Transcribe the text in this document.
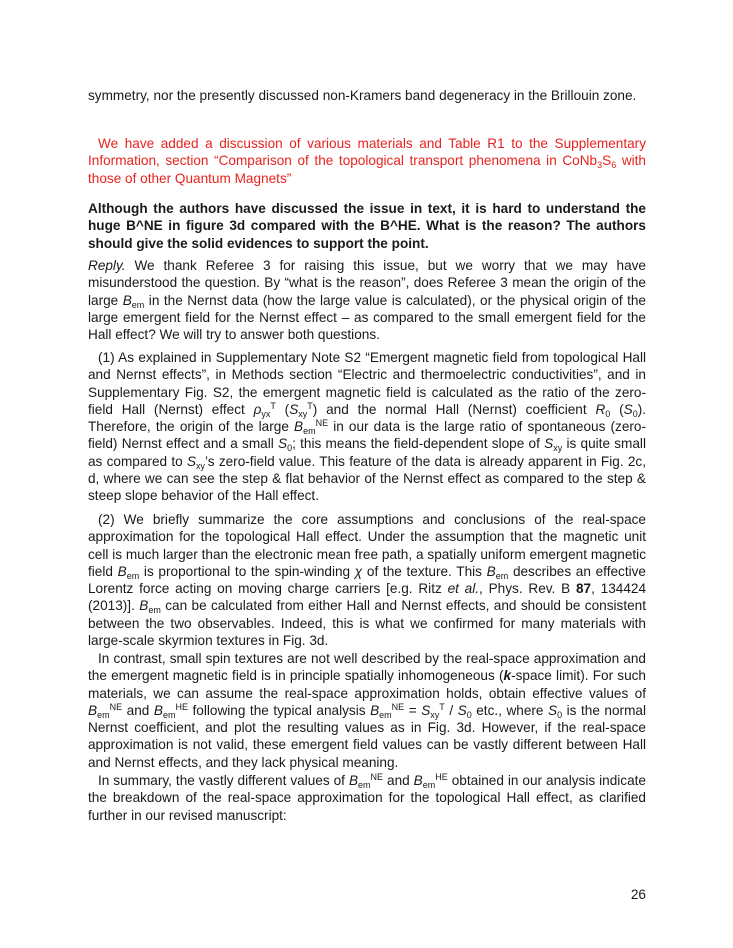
symmetry, nor the presently discussed non-Kramers band degeneracy in the Brillouin zone.

We have added a discussion of various materials and Table R1 to the Supplementary Information, section “Comparison of the topological transport phenomena in $CoNb_3S_6$ with those of other Quantum Magnets”

Although the authors have discussed the issue in text, it is hard to understand the huge B^NE in figure 3d compared with the B^HE. What is the reason? The authors should give the solid evidences to support the point.

Reply. We thank Referee 3 for raising this issue, but we worry that we may have misunderstood the question. By “what is the reason”, does Referee 3 mean the origin of the large $B_{em}$ in the Nernst data (how the large value is calculated), or the physical origin of the large emergent field for the Nernst effect – as compared to the small emergent field for the Hall effect? We will try to answer both questions.

(1) As explained in Supplementary Note S2 “Emergent magnetic field from topological Hall and Nernst effects”, in Methods section “Electric and thermoelectric conductivities”, and in Supplementary Fig. S2, the emergent magnetic field is calculated as the ratio of the zero-field Hall (Nernst) effect $\rho_{yx}^T$ $(S_{xy}^T)$ and the normal Hall (Nernst) coefficient $R_0$ $(S_0)$. Therefore, the origin of the large $B_{em}^{NE}$ in our data is the large ratio of spontaneous (zero-field) Nernst effect and a small $S_0$; this means the field-dependent slope of $S_{xy}$ is quite small as compared to $S_{xy}’s$ zero-field value. This feature of the data is already apparent in Fig. 2c, d, where we can see the step & flat behavior of the Nernst effect as compared to the step & steep slope behavior of the Hall effect.

(2) We briefly summarize the core assumptions and conclusions of the real-space approximation for the topological Hall effect. Under the assumption that the magnetic unit cell is much larger than the electronic mean free path, a spatially uniform emergent magnetic field $B_{em}$ is proportional to the spin-winding χ of the texture. This $B_{em}$ describes an effective Lorentz force acting on moving charge carriers [e.g. Ritz et al., Phys. Rev. B 87, 134424 (2013)]. $B_{em}$ can be calculated from either Hall and Nernst effects, and should be consistent between the two observables. Indeed, this is what we confirmed for many materials with large-scale skyrmion textures in Fig. 3d.

In contrast, small spin textures are not well described by the real-space approximation and the emergent magnetic field is in principle spatially inhomogeneous (k-space limit). For such materials, we can assume the real-space approximation holds, obtain effective values of $B_{em}^{NE}$ and $B_{em}^{HE}$ following the typical analysis $B_{em}^{NE} = S_{xy}^T / S_0$ etc., where $S_0$ is the normal Nernst coefficient, and plot the resulting values as in Fig. 3d. However, if the real-space approximation is not valid, these emergent field values can be vastly different between Hall and Nernst effects, and they lack physical meaning.

In summary, the vastly different values of $B_{em}^{NE}$ and $B_{em}^{HE}$ obtained in our analysis indicate the breakdown of the real-space approximation for the topological Hall effect, as clarified further in our revised manuscript:

26
